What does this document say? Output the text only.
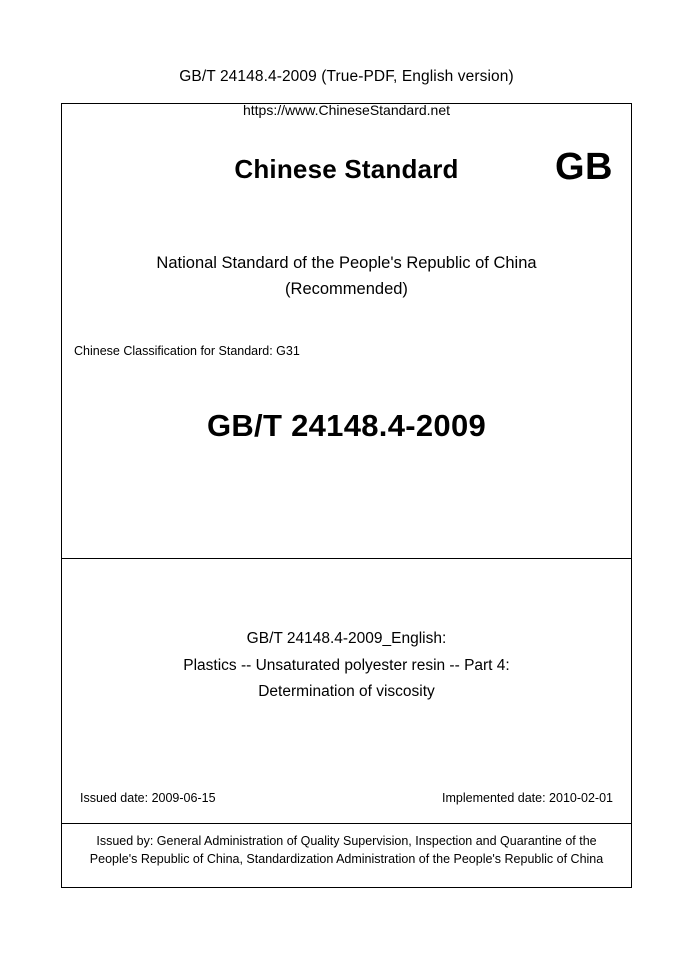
GB/T 24148.4-2009 (True-PDF, English version)
Chinese Standard	GB
National Standard of the People's Republic of China
(Recommended)
Chinese Classification for Standard: G31
GB/T 24148.4-2009
GB/T 24148.4-2009_English:
Plastics -- Unsaturated polyester resin -- Part 4:
Determination of viscosity
Issued date: 2009-06-15	Implemented date: 2010-02-01
Issued by: General Administration of Quality Supervision, Inspection and Quarantine of the People's Republic of China, Standardization Administration of the People's Republic of China
https://www.ChineseStandard.net
